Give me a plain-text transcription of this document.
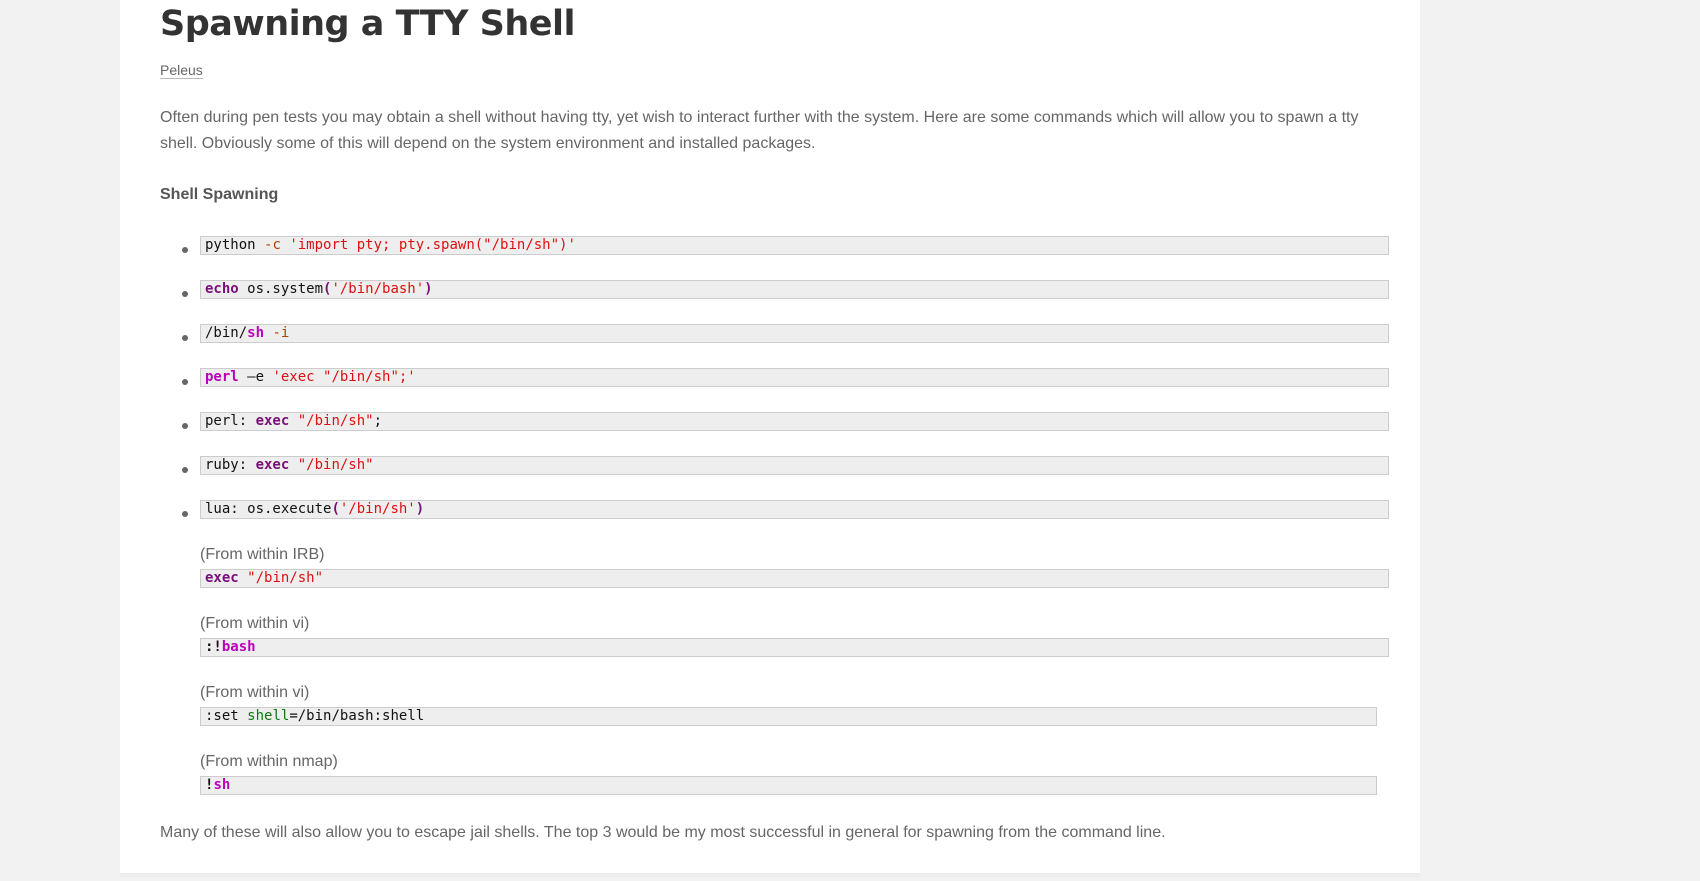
Spawning a TTY Shell
Peleus

Often during pen tests you may obtain a shell without having tty, yet wish to interact further with the system. Here are some commands which will allow you to spawn a tty shell. Obviously some of this will depend on the system environment and installed packages.

Shell Spawning

python -c 'import pty; pty.spawn("/bin/sh")'
echo os.system('/bin/bash')
/bin/sh -i
perl —e 'exec "/bin/sh";'
perl: exec "/bin/sh";
ruby: exec "/bin/sh"
lua: os.execute('/bin/sh')
(From within IRB)
exec "/bin/sh"
(From within vi)
:!bash
(From within vi)
:set shell=/bin/bash:shell
(From within nmap)
!sh

Many of these will also allow you to escape jail shells. The top 3 would be my most successful in general for spawning from the command line.
